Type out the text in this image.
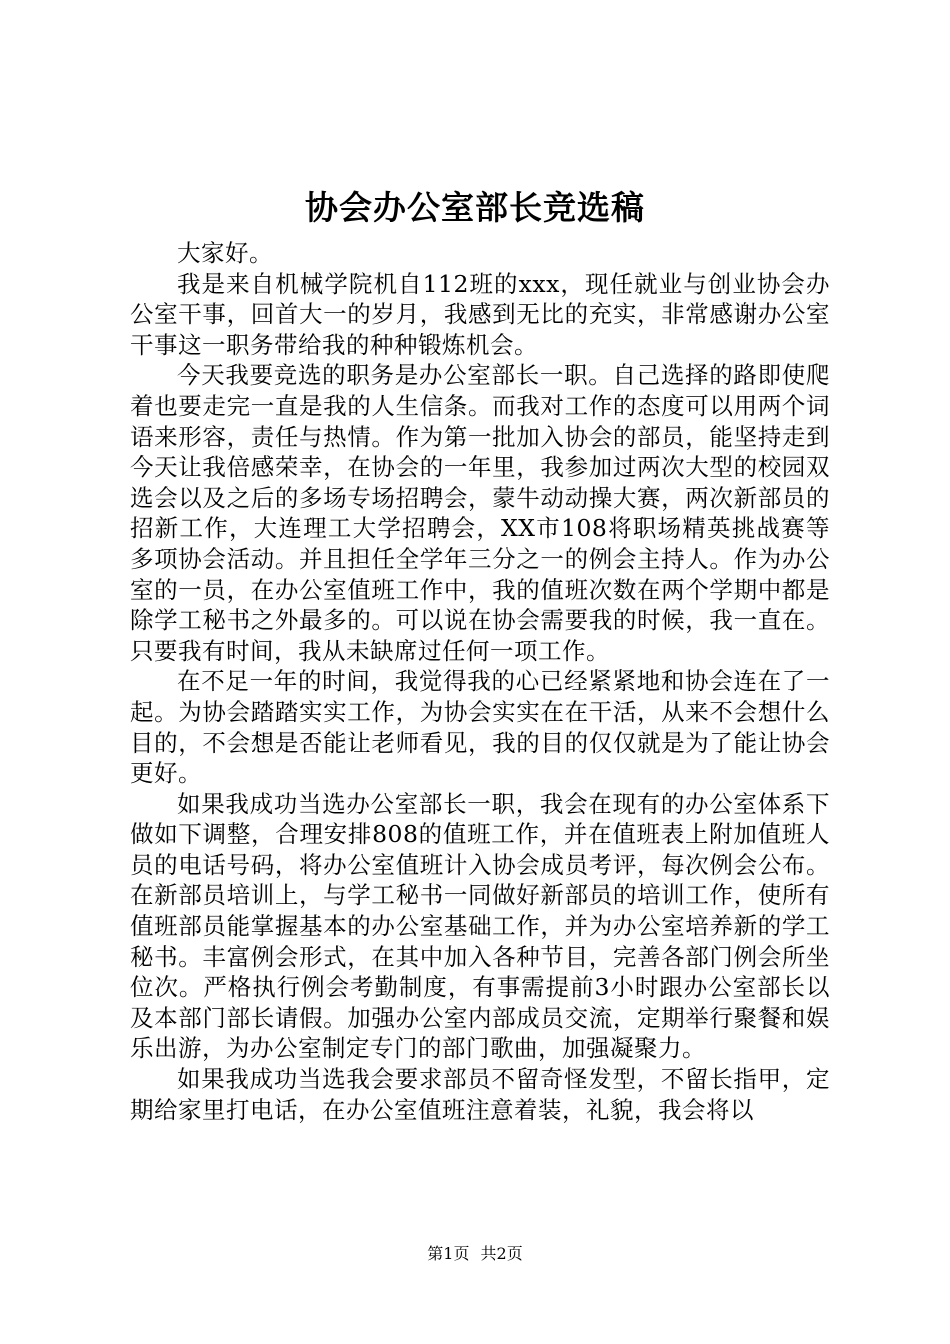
协会办公室部长竞选稿

大家好。

我是来自机械学院机自112班的xxx，现任就业与创业协会办公室干事，回首大一的岁月，我感到无比的充实，非常感谢办公室干事这一职务带给我的种种锻炼机会。

今天我要竞选的职务是办公室部长一职。自己选择的路即使爬着也要走完一直是我的人生信条。而我对工作的态度可以用两个词语来形容，责任与热情。作为第一批加入协会的部员，能坚持走到今天让我倍感荣幸，在协会的一年里，我参加过两次大型的校园双选会以及之后的多场专场招聘会，蒙牛动动操大赛，两次新部员的招新工作，大连理工大学招聘会，XX市108将职场精英挑战赛等多项协会活动。并且担任全学年三分之一的例会主持人。作为办公室的一员，在办公室值班工作中，我的值班次数在两个学期中都是除学工秘书之外最多的。可以说在协会需要我的时候，我一直在。只要我有时间，我从未缺席过任何一项工作。

在不足一年的时间，我觉得我的心已经紧紧地和协会连在了一起。为协会踏踏实实工作，为协会实实在在干活，从来不会想什么目的，不会想是否能让老师看见，我的目的仅仅就是为了能让协会更好。

如果我成功当选办公室部长一职，我会在现有的办公室体系下做如下调整，合理安排808的值班工作，并在值班表上附加值班人员的电话号码，将办公室值班计入协会成员考评，每次例会公布。在新部员培训上，与学工秘书一同做好新部员的培训工作，使所有值班部员能掌握基本的办公室基础工作，并为办公室培养新的学工秘书。丰富例会形式，在其中加入各种节目，完善各部门例会所坐位次。严格执行例会考勤制度，有事需提前3小时跟办公室部长以及本部门部长请假。加强办公室内部成员交流，定期举行聚餐和娱乐出游，为办公室制定专门的部门歌曲，加强凝聚力。

如果我成功当选我会要求部员不留奇怪发型，不留长指甲，定期给家里打电话，在办公室值班注意着装，礼貌，我会将以

第1页 共2页
